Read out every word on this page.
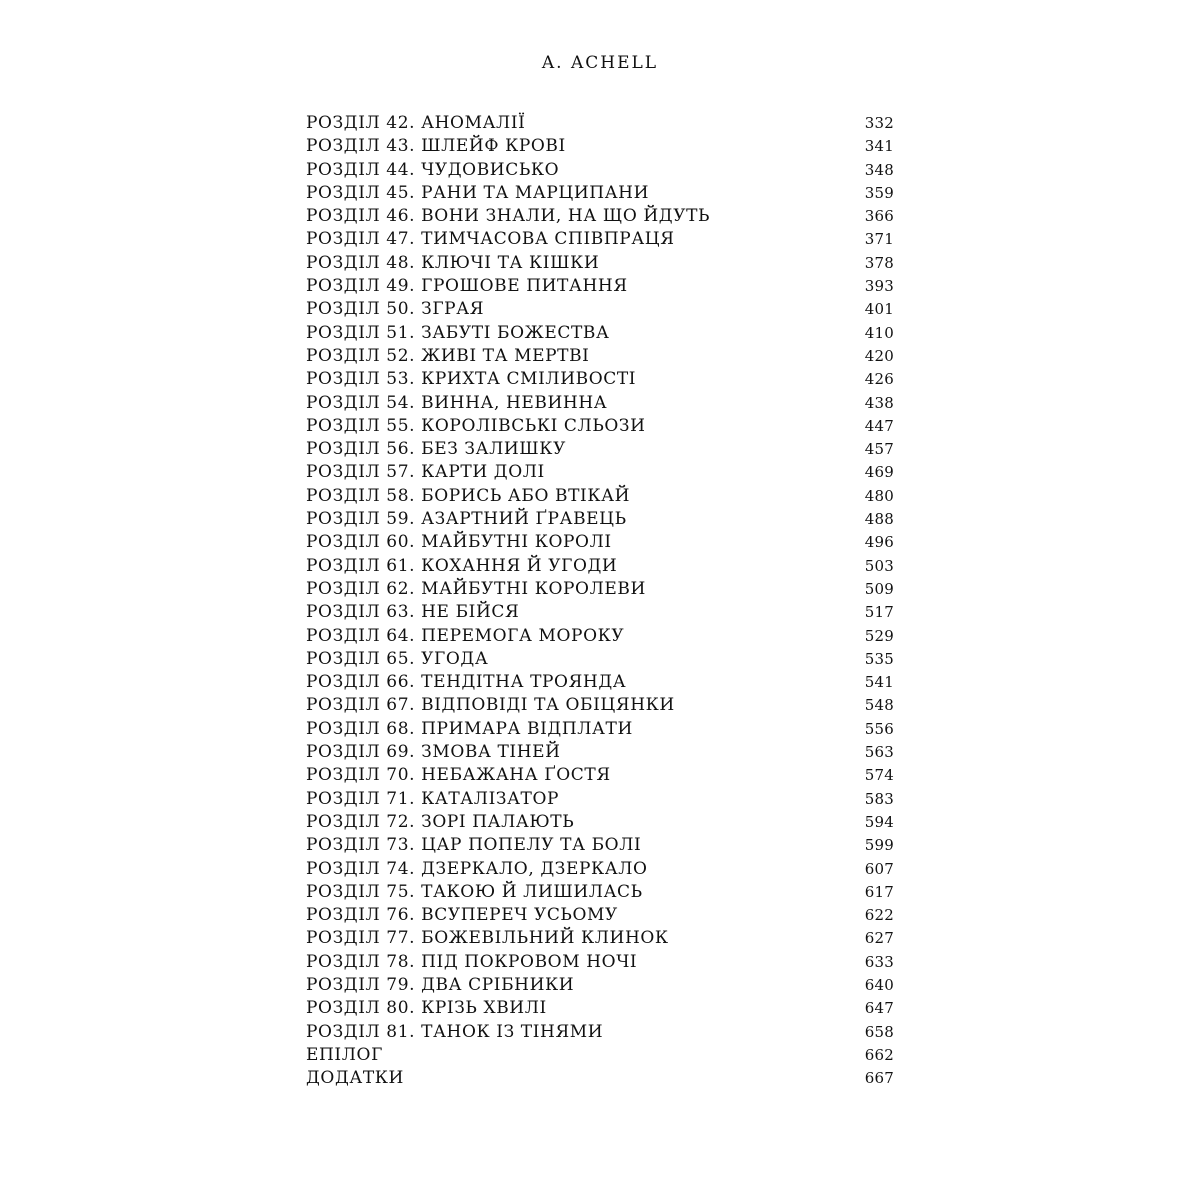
A. ACHELL
РОЗДІЛ 42. АНОМАЛІЇ	332
РОЗДІЛ 43. ШЛЕЙФ КРОВІ	341
РОЗДІЛ 44. ЧУДОВИСЬКО	348
РОЗДІЛ 45. РАНИ ТА МАРЦИПАНИ	359
РОЗДІЛ 46. ВОНИ ЗНАЛИ, НА ЩО ЙДУТЬ	366
РОЗДІЛ 47. ТИМЧАСОВА СПІВПРАЦЯ	371
РОЗДІЛ 48. КЛЮЧІ ТА КІШКИ	378
РОЗДІЛ 49. ГРОШОВЕ ПИТАННЯ	393
РОЗДІЛ 50. ЗГРАЯ	401
РОЗДІЛ 51. ЗАБУТІ БОЖЕСТВА	410
РОЗДІЛ 52. ЖИВІ ТА МЕРТВІ	420
РОЗДІЛ 53. КРИХТА СМІЛИВОСТІ	426
РОЗДІЛ 54. ВИННА, НЕВИННА	438
РОЗДІЛ 55. КОРОЛІВСЬКІ СЛЬОЗИ	447
РОЗДІЛ 56. БЕЗ ЗАЛИШКУ	457
РОЗДІЛ 57. КАРТИ ДОЛІ	469
РОЗДІЛ 58. БОРИСЬ АБО ВТІКАЙ	480
РОЗДІЛ 59. АЗАРТНИЙ ҐРАВЕЦЬ	488
РОЗДІЛ 60. МАЙБУТНІ КОРОЛІ	496
РОЗДІЛ 61. КОХАННЯ Й УГОДИ	503
РОЗДІЛ 62. МАЙБУТНІ КОРОЛЕВИ	509
РОЗДІЛ 63. НЕ БІЙСЯ	517
РОЗДІЛ 64. ПЕРЕМОГА МОРОКУ	529
РОЗДІЛ 65. УГОДА	535
РОЗДІЛ 66. ТЕНДІТНА ТРОЯНДА	541
РОЗДІЛ 67. ВІДПОВІДІ ТА ОБІЦЯНКИ	548
РОЗДІЛ 68. ПРИМАРА ВІДПЛАТИ	556
РОЗДІЛ 69. ЗМОВА ТІНЕЙ	563
РОЗДІЛ 70. НЕБАЖАНА ҐОСТЯ	574
РОЗДІЛ 71. КАТАЛІЗАТОР	583
РОЗДІЛ 72. ЗОРІ ПАЛАЮТЬ	594
РОЗДІЛ 73. ЦАР ПОПЕЛУ ТА БОЛІ	599
РОЗДІЛ 74. ДЗЕРКАЛО, ДЗЕРКАЛО	607
РОЗДІЛ 75. ТАКОЮ Й ЛИШИЛАСЬ	617
РОЗДІЛ 76. ВСУПЕРЕЧ УСЬОМУ	622
РОЗДІЛ 77. БОЖЕВІЛЬНИЙ КЛИНОК	627
РОЗДІЛ 78. ПІД ПОКРОВОМ НОЧІ	633
РОЗДІЛ 79. ДВА СРІБНИКИ	640
РОЗДІЛ 80. КРІЗЬ ХВИЛІ	647
РОЗДІЛ 81. ТАНОК ІЗ ТІНЯМИ	658
ЕПІЛОГ	662
ДОДАТКИ	667
